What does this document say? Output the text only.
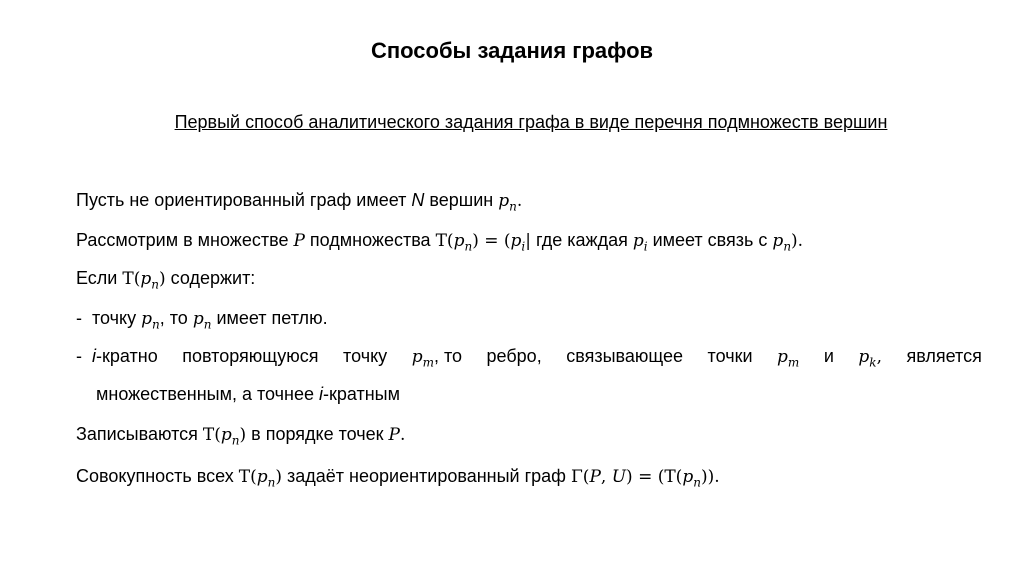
Способы задания графов
Первый способ аналитического задания графа в виде перечня подмножеств вершин
Пусть не ориентированный граф имеет N вершин $p_n$.
Рассмотрим в множестве P подмножества $T(p_n) = (p_i|$ где каждая $p_i$ имеет связь с $p_n$).
Если $T(p_n)$ содержит:
- точку $p_n$, то $p_n$ имеет петлю.
- i-кратно повторяющуюся точку $p_m$, то ребро, связывающее точки $p_m$ и $p_k$, является
множественным, а точнее i-кратным
Записываются $T(p_n)$ в порядке точек P.
Совокупность всех $T(p_n)$ задаёт неориентированный граф Γ(P, $U) = (T(p_n))$.
